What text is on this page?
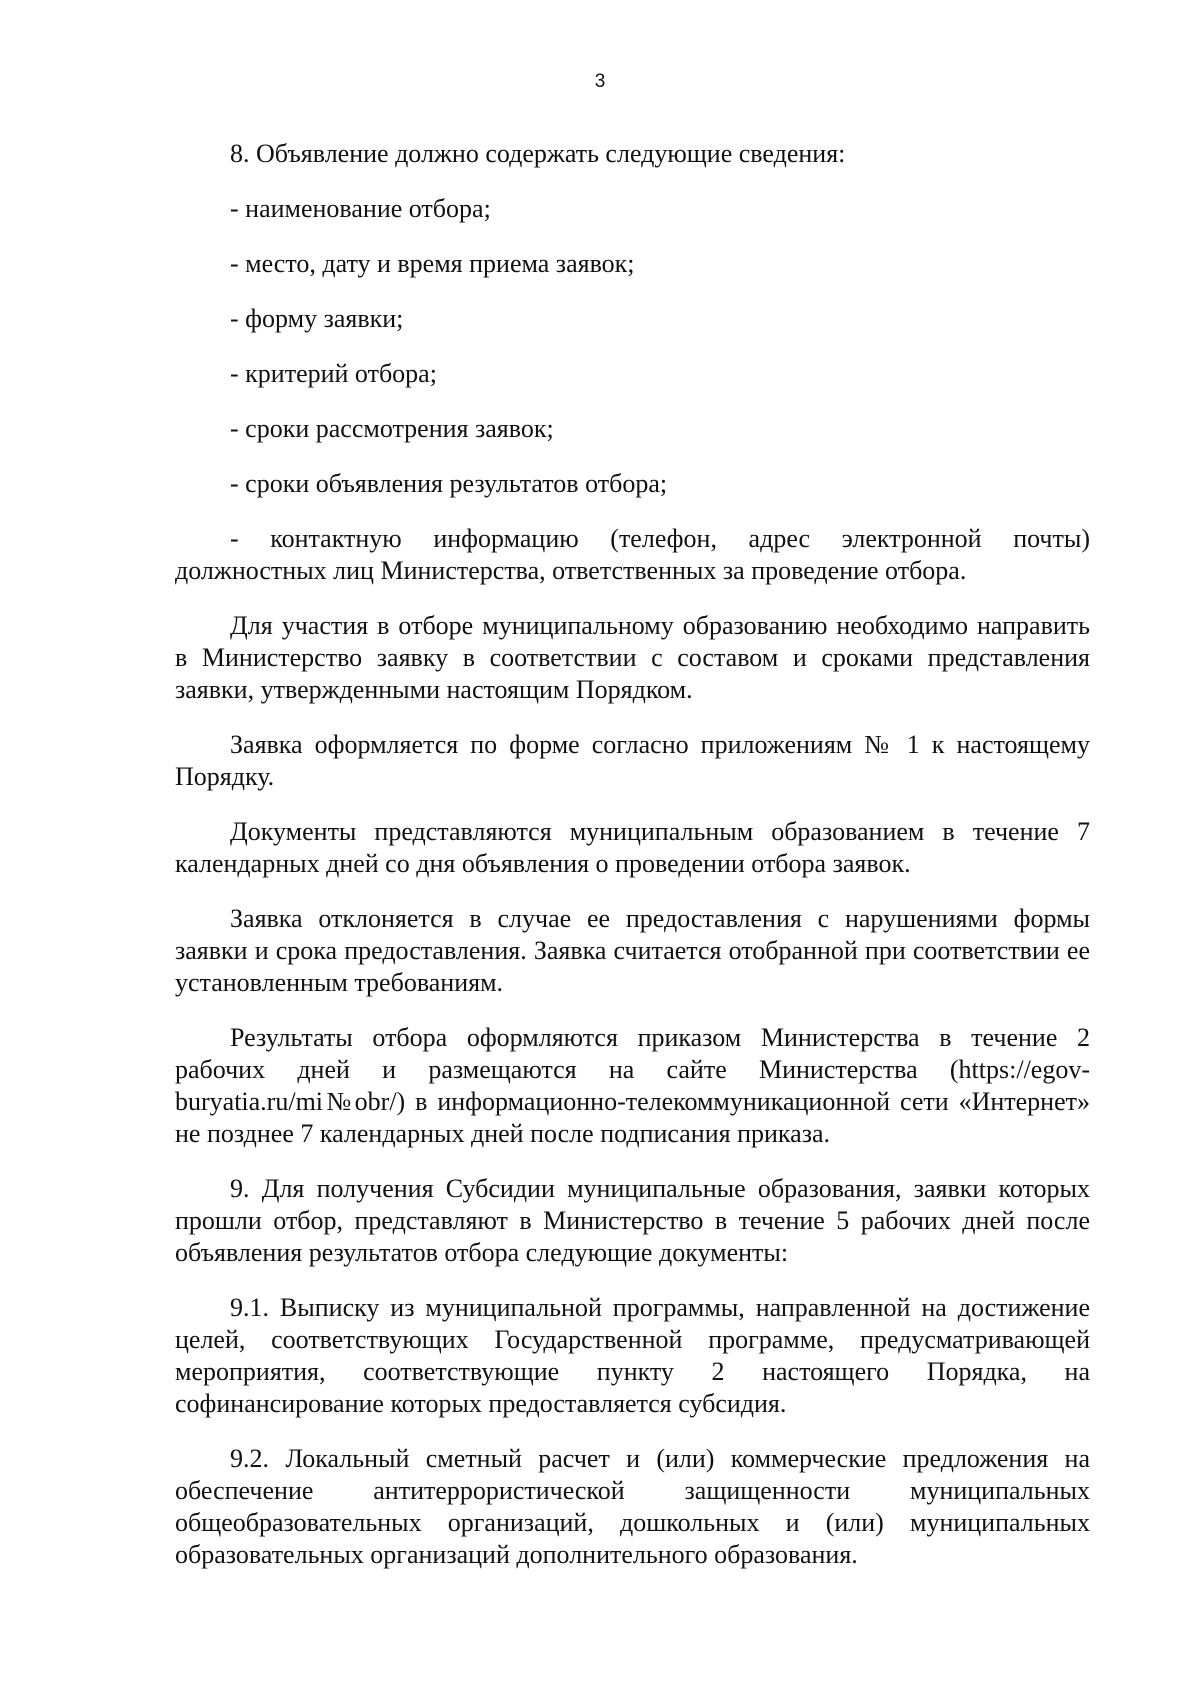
3

8. Объявление должно содержать следующие сведения:

- наименование отбора;

- место, дату и время приема заявок;

- форму заявки;

- критерий отбора;

- сроки рассмотрения заявок;

- сроки объявления результатов отбора;

- контактную информацию (телефон, адрес электронной почты) должностных лиц Министерства, ответственных за проведение отбора.

Для участия в отборе муниципальному образованию необходимо направить в Министерство заявку в соответствии с составом и сроками представления заявки, утвержденными настоящим Порядком.

Заявка оформляется по форме согласно приложениям № 1 к настоящему Порядку.

Документы представляются муниципальным образованием в течение 7 календарных дней со дня объявления о проведении отбора заявок.

Заявка отклоняется в случае ее предоставления с нарушениями формы заявки и срока предоставления. Заявка считается отобранной при соответствии ее установленным требованиям.

Результаты отбора оформляются приказом Министерства в течение 2 рабочих дней и размещаются на сайте Министерства (https://egov-buryatia.ru/mi№obr/) в информационно-телекоммуникационной сети «Интернет» не позднее 7 календарных дней после подписания приказа.

9. Для получения Субсидии муниципальные образования, заявки которых прошли отбор, представляют в Министерство в течение 5 рабочих дней после объявления результатов отбора следующие документы:

9.1. Выписку из муниципальной программы, направленной на достижение целей, соответствующих Государственной программе, предусматривающей мероприятия, соответствующие пункту 2 настоящего Порядка, на софинансирование которых предоставляется субсидия.

9.2. Локальный сметный расчет и (или) коммерческие предложения на обеспечение антитеррористической защищенности муниципальных общеобразовательных организаций, дошкольных и (или) муниципальных образовательных организаций дополнительного образования.
